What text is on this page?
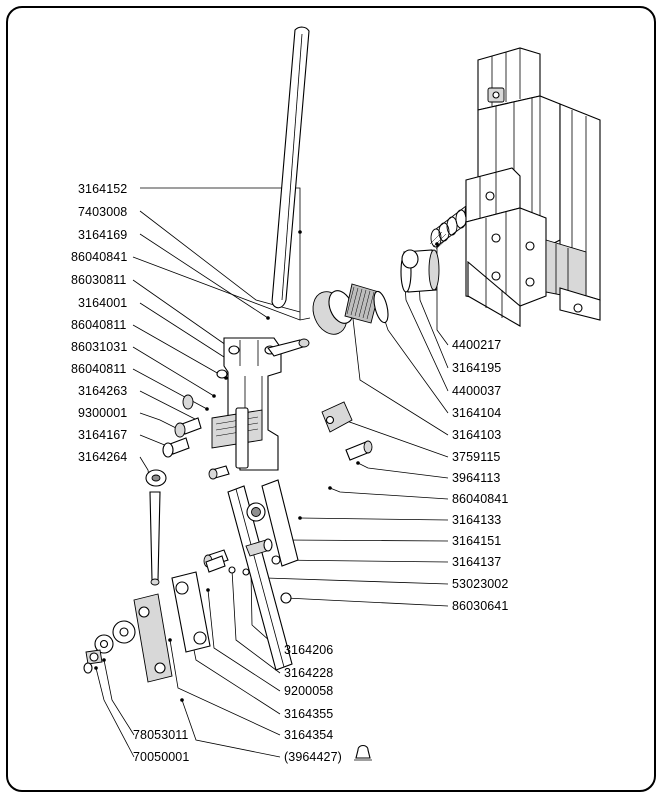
3164152
7403008
3164169
86040841
86030811
3164001
86040811
86031031
86040811
3164263
9300001
3164167
3164264
4400217
3164195
4400037
3164104
3164103
3759115
3964113
86040841
3164133
3164151
3164137
53023002
86030641
3164206
3164228
9200058
3164355
3164354
(3964427)
78053011
70050001
